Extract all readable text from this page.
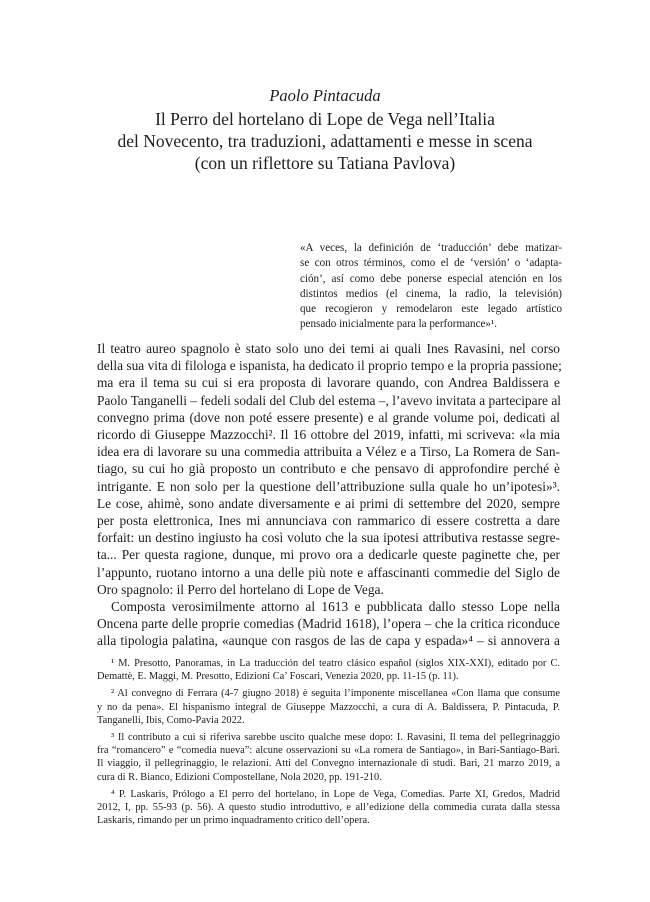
Paolo Pintacuda
Il Perro del hortelano di Lope de Vega nell’Italia
del Novecento, tra traduzioni, adattamenti e messe in scena
(con un riflettore su Tatiana Pavlova)
«A veces, la definición de ‘traducción’ debe matizar-
se con otros términos, como el de ‘versión’ o ‘adapta-
ción’, así como debe ponerse especial atención en los
distintos medios (el cinema, la radio, la televisión)
que recogieron y remodelaron este legado artístico
pensado inicialmente para la performance»¹.
Il teatro aureo spagnolo è stato solo uno dei temi ai quali Ines Ravasini, nel corso
della sua vita di filologa e ispanista, ha dedicato il proprio tempo e la propria passione;
ma era il tema su cui si era proposta di lavorare quando, con Andrea Baldissera e
Paolo Tanganelli – fedeli sodali del Club del estema –, l’avevo invitata a partecipare al
convegno prima (dove non poté essere presente) e al grande volume poi, dedicati al
ricordo di Giuseppe Mazzocchi². Il 16 ottobre del 2019, infatti, mi scriveva: «la mia
idea era di lavorare su una commedia attribuita a Vélez e a Tirso, La Romera de San-
tiago, su cui ho già proposto un contributo e che pensavo di approfondire perché è
intrigante. E non solo per la questione dell’attribuzione sulla quale ho un’ipotesi»³.
Le cose, ahimè, sono andate diversamente e ai primi di settembre del 2020, sempre
per posta elettronica, Ines mi annunciava con rammarico di essere costretta a dare
forfait: un destino ingiusto ha così voluto che la sua ipotesi attributiva restasse segre-
ta... Per questa ragione, dunque, mi provo ora a dedicarle queste paginette che, per
l’appunto, ruotano intorno a una delle più note e affascinanti commedie del Siglo de
Oro spagnolo: il Perro del hortelano di Lope de Vega.
Composta verosimilmente attorno al 1613 e pubblicata dallo stesso Lope nella
Oncena parte delle proprie comedias (Madrid 1618), l’opera – che la critica riconduce
alla tipologia palatina, «aunque con rasgos de las de capa y espada»⁴ – si annovera a
¹ M. Presotto, Panoramas, in La traducción del teatro clásico español (siglos XIX-XXI), editado por C.
Demattè, E. Maggi, M. Presotto, Edizioni Ca’ Foscari, Venezia 2020, pp. 11-15 (p. 11).
² Al convegno di Ferrara (4-7 giugno 2018) è seguita l’imponente miscellanea «Con llama que consume
y no da pena». El hispanismo integral de Giuseppe Mazzocchi, a cura di A. Baldissera, P. Pintacuda, P.
Tanganelli, Ibis, Como-Pavia 2022.
³ Il contributo a cui si riferiva sarebbe uscito qualche mese dopo: I. Ravasini, Il tema del pellegrinaggio
fra “romancero” e “comedia nueva”: alcune osservazioni su «La romera de Santiago», in Bari-Santiago-Bari.
Il viaggio, il pellegrinaggio, le relazioni. Atti del Convegno internazionale di studi. Bari, 21 marzo 2019, a
cura di R. Bianco, Edizioni Compostellane, Nola 2020, pp. 191-210.
⁴ P. Laskaris, Prólogo a El perro del hortelano, in Lope de Vega, Comedias. Parte XI, Gredos, Madrid
2012, I, pp. 55-93 (p. 56). A questo studio introduttivo, e all’edizione della commedia curata dalla stessa
Laskaris, rimando per un primo inquadramento critico dell’opera.
